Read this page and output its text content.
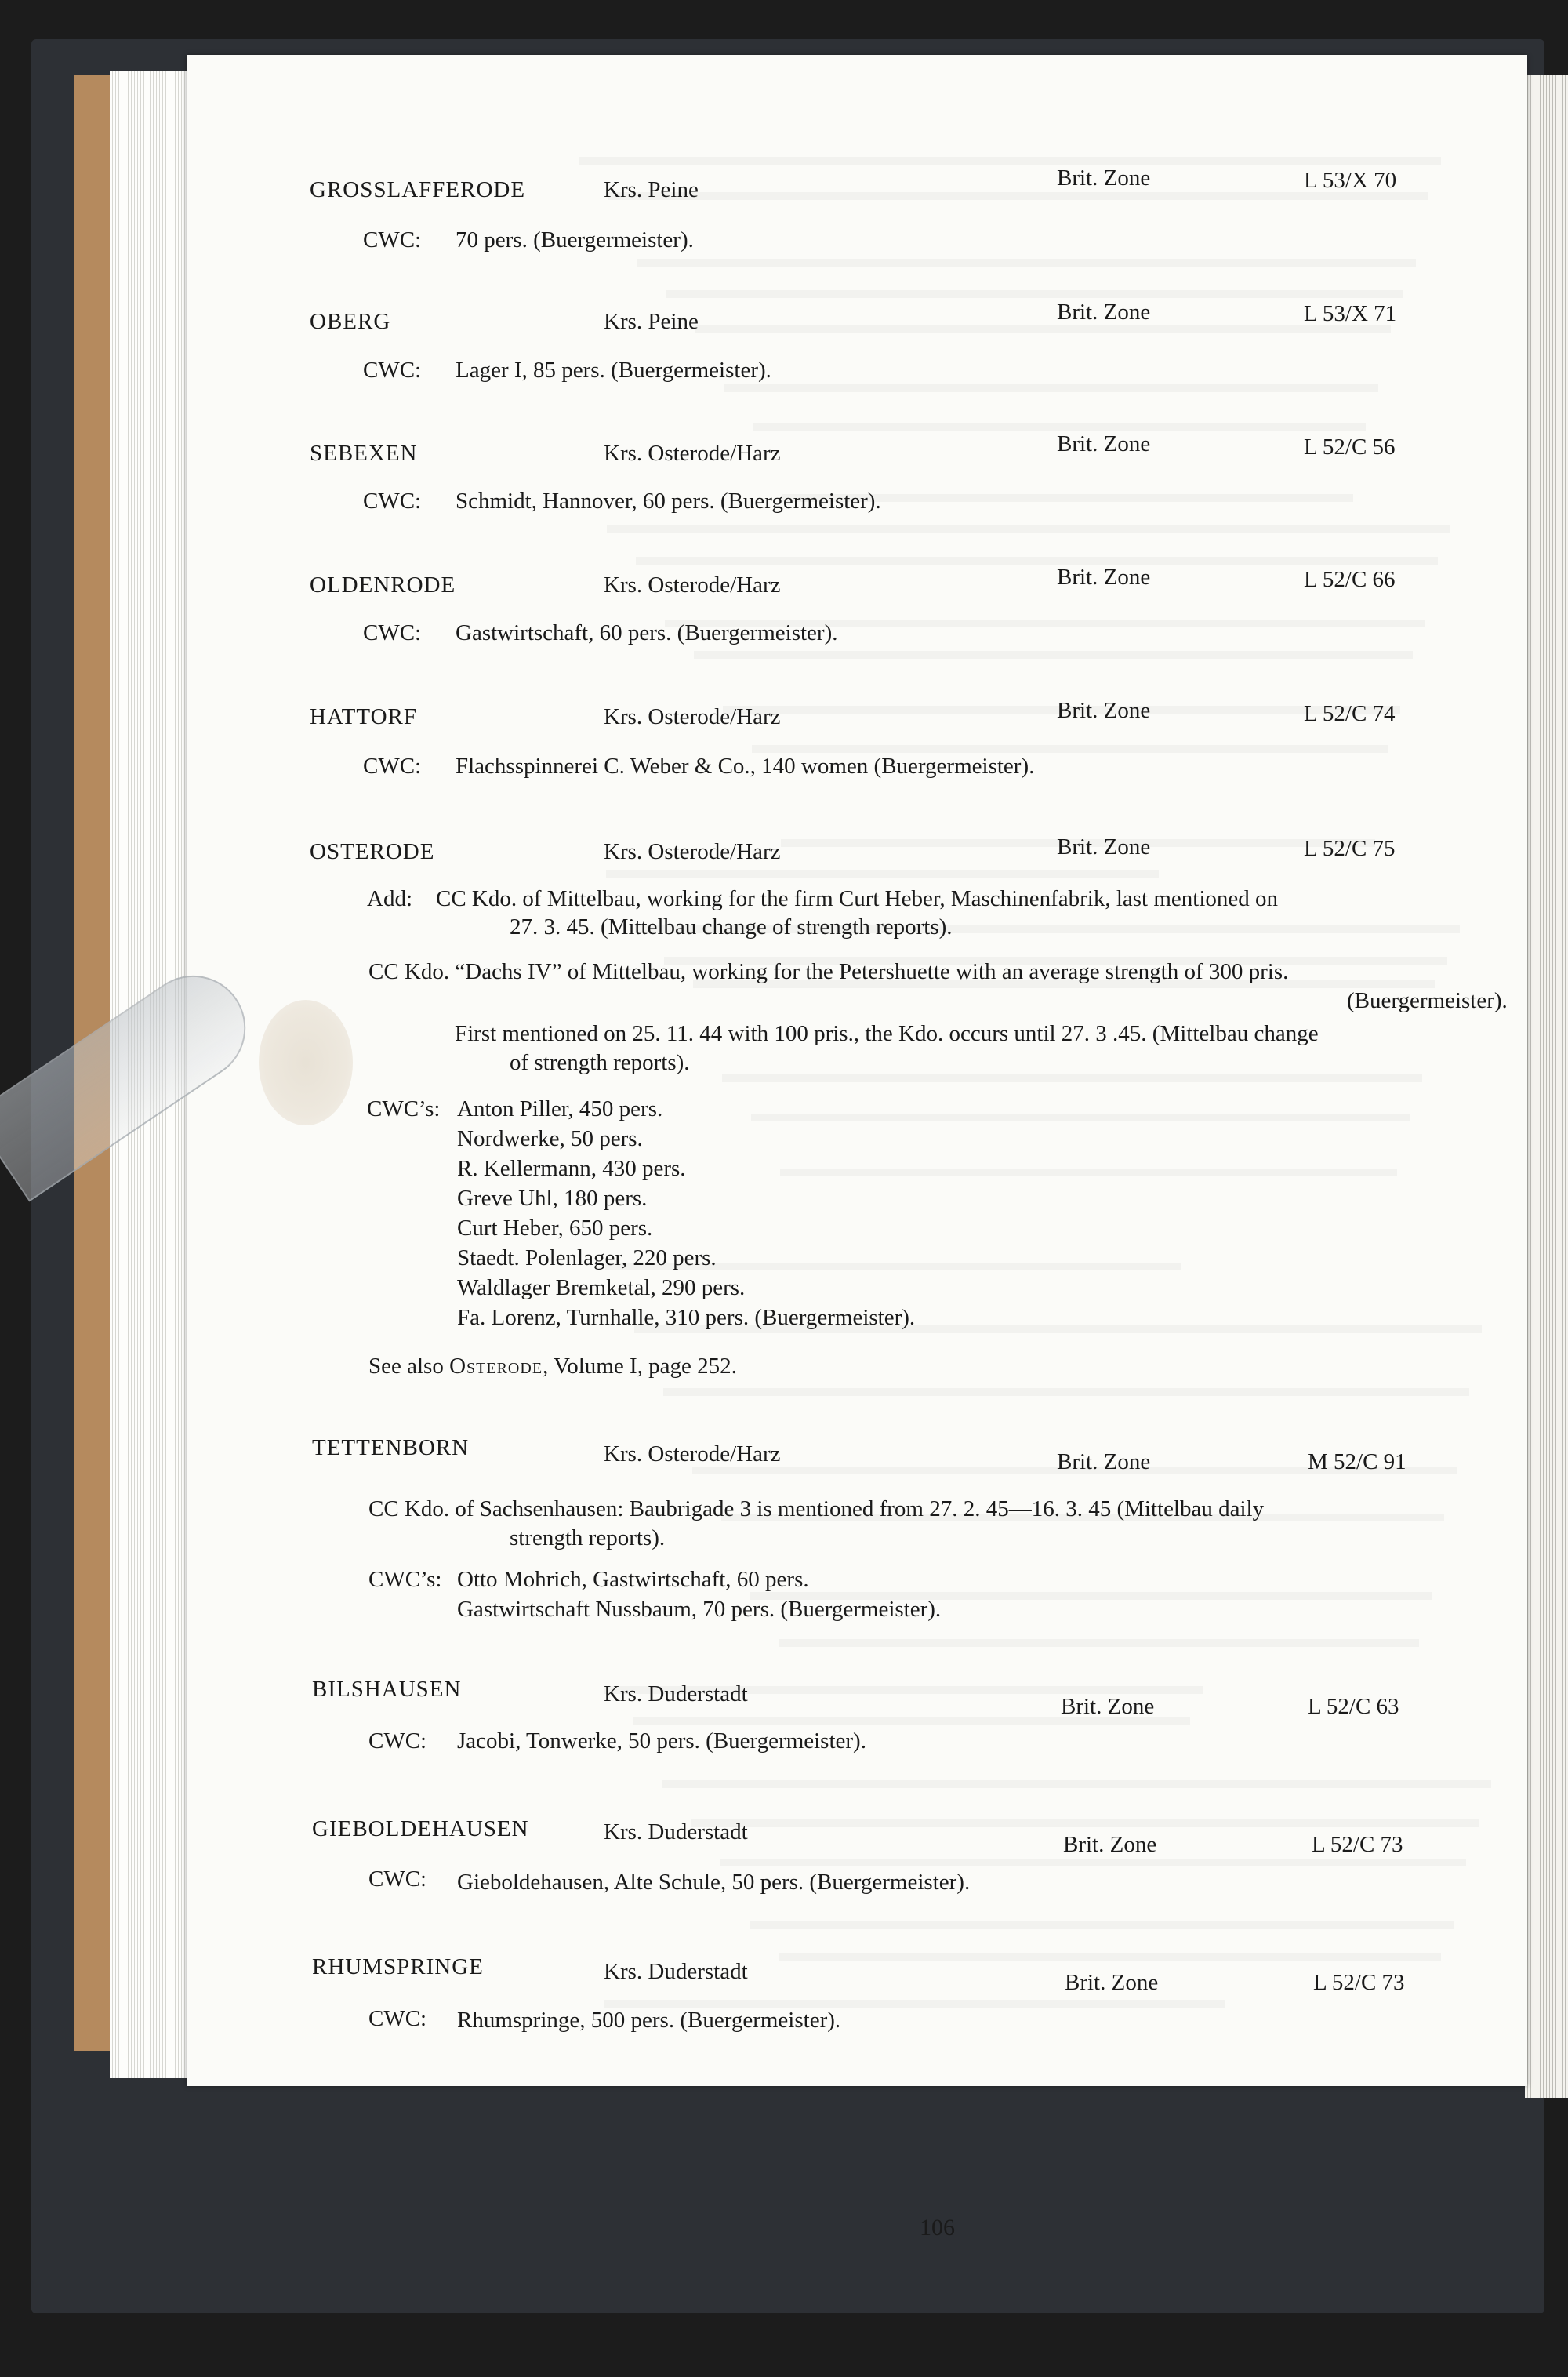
GROSSLAFFERODE	Krs. Peine	Brit. Zone	L 53/X 70
CWC: 70 pers. (Buergermeister).
OBERG	Krs. Peine	Brit. Zone	L 53/X 71
CWC: Lager I, 85 pers. (Buergermeister).
SEBEXEN	Krs. Osterode/Harz	Brit. Zone	L 52/C 56
CWC: Schmidt, Hannover, 60 pers. (Buergermeister).
OLDENRODE	Krs. Osterode/Harz	Brit. Zone	L 52/C 66
CWC: Gastwirtschaft, 60 pers. (Buergermeister).
HATTORF	Krs. Osterode/Harz	Brit. Zone	L 52/C 74
CWC: Flachsspinnerei C. Weber & Co., 140 women (Buergermeister).
OSTERODE	Krs. Osterode/Harz	Brit. Zone	L 52/C 75
Add: CC Kdo. of Mittelbau, working for the firm Curt Heber, Maschinenfabrik, last mentioned on
27. 3. 45. (Mittelbau change of strength reports).
CC Kdo. “Dachs IV” of Mittelbau, working for the Petershuette with an average strength of 300 pris.
(Buergermeister).
First mentioned on 25. 11. 44 with 100 pris., the Kdo. occurs until 27. 3 .45. (Mittelbau change
of strength reports).
CWC’s: Anton Piller, 450 pers.
Nordwerke, 50 pers.
R. Kellermann, 430 pers.
Greve Uhl, 180 pers.
Curt Heber, 650 pers.
Staedt. Polenlager, 220 pers.
Waldlager Bremketal, 290 pers.
Fa. Lorenz, Turnhalle, 310 pers. (Buergermeister).
See also Osterode, Volume I, page 252.
TETTENBORN	Krs. Osterode/Harz	Brit. Zone	M 52/C 91
CC Kdo. of Sachsenhausen: Baubrigade 3 is mentioned from 27. 2. 45—16. 3. 45 (Mittelbau daily
strength reports).
CWC’s: Otto Mohrich, Gastwirtschaft, 60 pers.
Gastwirtschaft Nussbaum, 70 pers. (Buergermeister).
BILSHAUSEN	Krs. Duderstadt	Brit. Zone	L 52/C 63
CWC: Jacobi, Tonwerke, 50 pers. (Buergermeister).
GIEBOLDEHAUSEN	Krs. Duderstadt	Brit. Zone	L 52/C 73
CWC: Gieboldehausen, Alte Schule, 50 pers. (Buergermeister).
RHUMSPRINGE	Krs. Duderstadt	Brit. Zone	L 52/C 73
CWC: Rhumspringe, 500 pers. (Buergermeister).
106
